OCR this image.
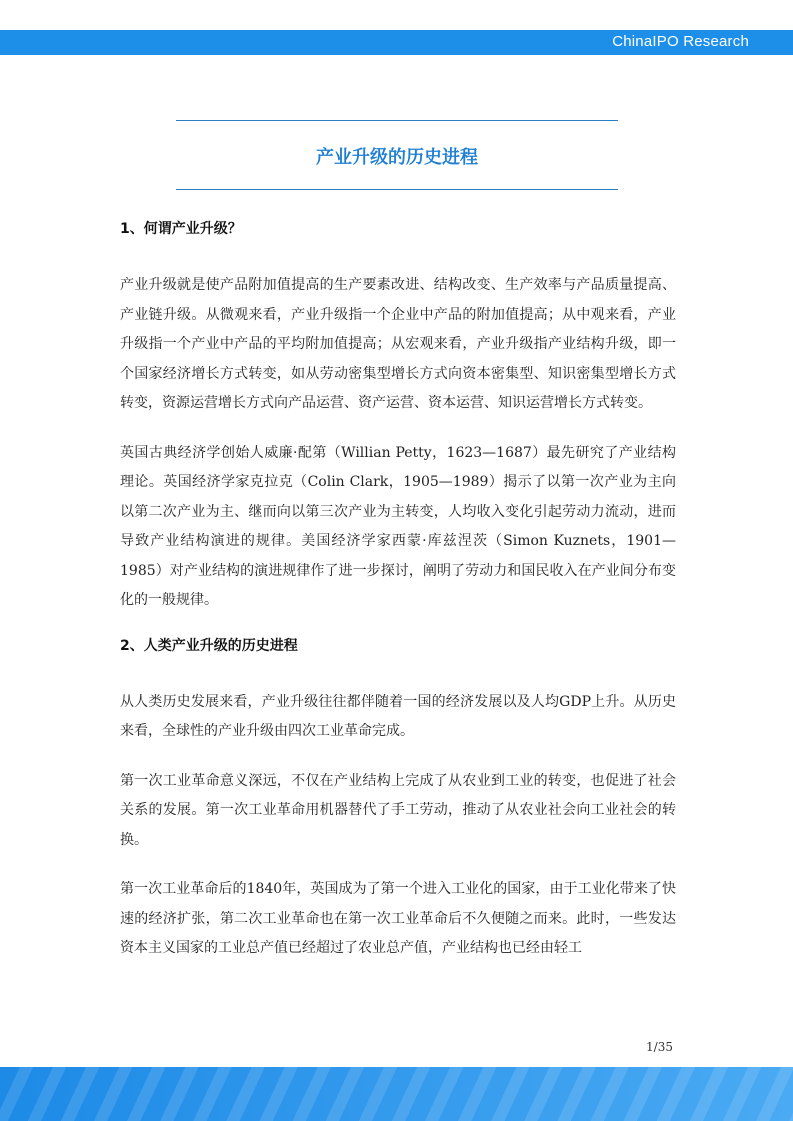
ChinaIPO Research
产业升级的历史进程

1、何谓产业升级？

产业升级就是使产品附加值提高的生产要素改进、结构改变、生产效率与产品质量提高、产业链升级。从微观来看，产业升级指一个企业中产品的附加值提高；从中观来看，产业升级指一个产业中产品的平均附加值提高；从宏观来看，产业升级指产业结构升级，即一个国家经济增长方式转变，如从劳动密集型增长方式向资本密集型、知识密集型增长方式转变，资源运营增长方式向产品运营、资产运营、资本运营、知识运营增长方式转变。

英国古典经济学创始人威廉·配第（Willian Petty，1623—1687）最先研究了产业结构理论。英国经济学家克拉克（Colin Clark，1905—1989）揭示了以第一次产业为主向以第二次产业为主、继而向以第三次产业为主转变，人均收入变化引起劳动力流动，进而导致产业结构演进的规律。美国经济学家西蒙·库兹涅茨（Simon Kuznets，1901—1985）对产业结构的演进规律作了进一步探讨，阐明了劳动力和国民收入在产业间分布变化的一般规律。

2、人类产业升级的历史进程

从人类历史发展来看，产业升级往往都伴随着一国的经济发展以及人均GDP上升。从历史来看，全球性的产业升级由四次工业革命完成。

第一次工业革命意义深远，不仅在产业结构上完成了从农业到工业的转变，也促进了社会关系的发展。第一次工业革命用机器替代了手工劳动，推动了从农业社会向工业社会的转换。

第一次工业革命后的1840年，英国成为了第一个进入工业化的国家，由于工业化带来了快速的经济扩张，第二次工业革命也在第一次工业革命后不久便随之而来。此时，一些发达资本主义国家的工业总产值已经超过了农业总产值，产业结构也已经由轻工

1/35
